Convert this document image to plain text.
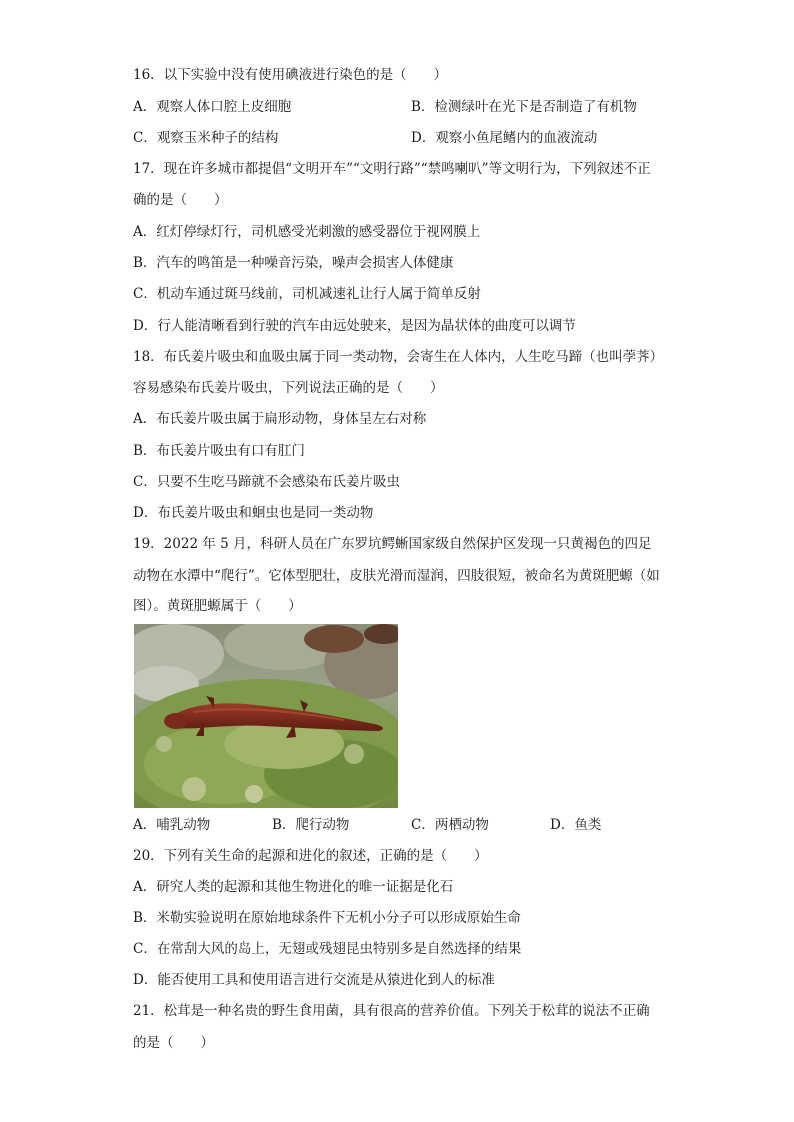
16．以下实验中没有使用碘液进行染色的是（　　）
A．观察人体口腔上皮细胞	B．检测绿叶在光下是否制造了有机物
C．观察玉米种子的结构	D．观察小鱼尾鳍内的血液流动
17．现在许多城市都提倡“文明开车”“文明行路”“禁鸣喇叭”等文明行为，下列叙述不正
确的是（　　）
A．红灯停绿灯行，司机感受光刺激的感受器位于视网膜上
B．汽车的鸣笛是一种噪音污染，噪声会损害人体健康
C．机动车通过斑马线前，司机减速礼让行人属于简单反射
D．行人能清晰看到行驶的汽车由远处驶来，是因为晶状体的曲度可以调节
18．布氏姜片吸虫和血吸虫属于同一类动物，会寄生在人体内，人生吃马蹄（也叫荸荠）
容易感染布氏姜片吸虫，下列说法正确的是（　　）
A．布氏姜片吸虫属于扁形动物，身体呈左右对称
B．布氏姜片吸虫有口有肛门
C．只要不生吃马蹄就不会感染布氏姜片吸虫
D．布氏姜片吸虫和蛔虫也是同一类动物
19．2022 年 5 月，科研人员在广东罗坑鳄蜥国家级自然保护区发现一只黄褐色的四足
动物在水潭中“爬行”。它体型肥壮，皮肤光滑而湿润，四肢很短，被命名为黄斑肥螈（如
图）。黄斑肥螈属于（　　）
A．哺乳动物	B．爬行动物	C．两栖动物	D．鱼类
20．下列有关生命的起源和进化的叙述，正确的是（　　）
A．研究人类的起源和其他生物进化的唯一证据是化石
B．米勒实验说明在原始地球条件下无机小分子可以形成原始生命
C．在常刮大风的岛上，无翅或残翅昆虫特别多是自然选择的结果
D．能否使用工具和使用语言进行交流是从猿进化到人的标准
21．松茸是一种名贵的野生食用菌，具有很高的营养价值。下列关于松茸的说法不正确
的是（　　）
